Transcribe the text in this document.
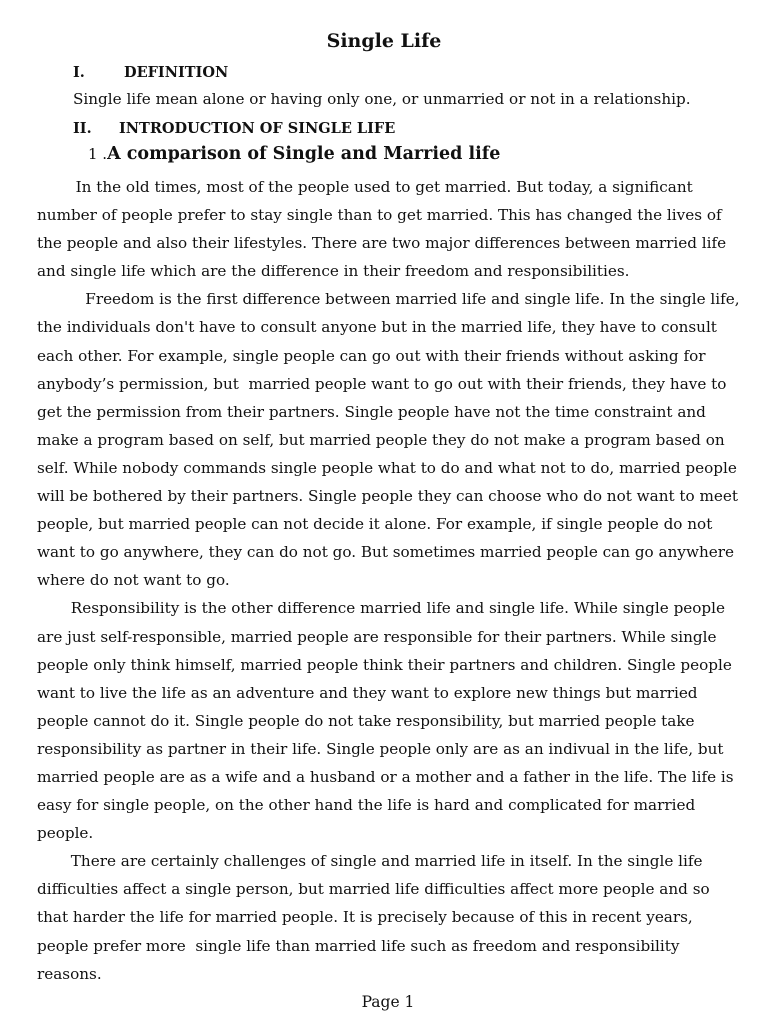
Single Life
I.	DEFINITION
Single life mean alone or having only one, or unmarried or not in a relationship.
II. INTRODUCTION OF SINGLE LIFE
1 .A comparison of Single and Married life

In the old times, most of the people used to get married. But today, a significant number of people prefer to stay single than to get married. This has changed the lives of the people and also their lifestyles. There are two major differences between married life and single life which are the difference in their freedom and responsibilities.

Freedom is the first difference between married life and single life. In the single life, the individuals don't have to consult anyone but in the married life, they have to consult each other. For example, single people can go out with their friends without asking for anybody’s permission, but  married people want to go out with their friends, they have to get the permission from their partners. Single people have not the time constraint and make a program based on self, but married people they do not make a program based on self. While nobody commands single people what to do and what not to do, married people will be bothered by their partners. Single people they can choose who do not want to meet people, but married people can not decide it alone. For example, if single people do not want to go anywhere, they can do not go. But sometimes married people can go anywhere where do not want to go.

Responsibility is the other difference married life and single life. While single people are just self-responsible, married people are responsible for their partners. While single people only think himself, married people think their partners and children. Single people want to live the life as an adventure and they want to explore new things but married people cannot do it. Single people do not take responsibility, but married people take responsibility as partner in their life. Single people only are as an indivual in the life, but married people are as a wife and a husband or a mother and a father in the life. The life is easy for single people, on the other hand the life is hard and complicated for married people.

There are certainly challenges of single and married life in itself. In the single life difficulties affect a single person, but married life difficulties affect more people and so that harder the life for married people. It is precisely because of this in recent years, people prefer more  single life than married life such as freedom and responsibility reasons.

Page 1
